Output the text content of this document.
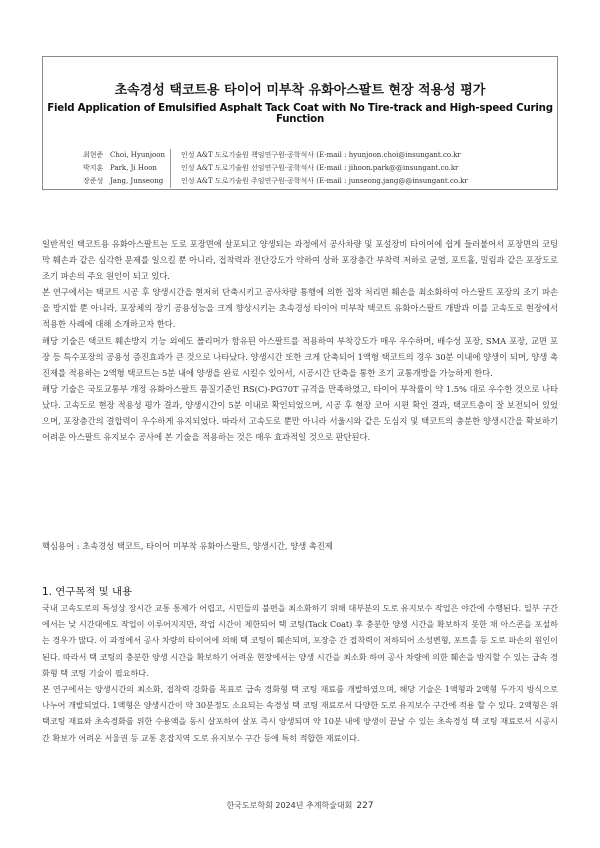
초속경성 택코트용 타이어 미부착 유화아스팔트 현장 적용성 평가
Field Application of Emulsified Asphalt Tack Coat with No Tire-track and High-speed Curing Function
최현준 Choi, Hyunjoon	인성 A&T 도로기술원 책임연구원·공학석사 (E-mail : hyunjoon.choi@insungant.co.kr
박지훈 Park, Ji Hoon	인성 A&T 도로기술원 선임연구원·공학석사 (E-mail : jihoon.park@@insungant.co.kr
장준성 Jang, Junseong	인성 A&T 도로기술원 주임연구원·공학석사 (E-mail : junseong.jang@@insungant.co.kr

일반적인 택코트용 유화아스팔트는 도로 포장면에 살포되고 양생되는 과정에서 공사차량 및 포설장비 타이어에 쉽게 들러붙어서 포장면의 코팅막 훼손과 같은 심각한 문제를 일으킬 뿐 아니라, 접착력과 전단강도가 약하여 상하 포장층간 부착력 저하로 균열, 포트홀, 밀림과 같은 포장도로 조기 파손의 주요 원인이 되고 있다.

본 연구에서는 택코트 시공 후 양생시간을 현저히 단축시키고 공사차량 통행에 의한 접착 처리면 훼손을 최소화하여 아스팔트 포장의 조기 파손을 방지할 뿐 아니라, 포장체의 장기 공용성능을 크게 향상시키는 초속경성 타이어 미부착 택코트 유화아스팔트 개발과 이를 고속도로 현장에서 적용한 사례에 대해 소개하고자 한다.

해당 기술은 택코트 훼손방지 기능 외에도 폴리머가 함유된 아스팔트를 적용하여 부착강도가 매우 우수하며, 배수성 포장, SMA 포장, 교면 포장 등 특수포장의 공용성 증진효과가 큰 것으로 나타났다. 양생시간 또한 크게 단축되어 1액형 택코트의 경우 30분 이내에 양생이 되며, 양생 촉진제를 적용하는 2액형 택코트는 5분 내에 양생을 완료 시킬수 있어서, 시공시간 단축을 통한 조기 교통개방을 가능하게 한다.

해당 기술은 국토교통부 개정 유화아스팔트 품질기준인 RS(C)-PG70T 규격을 만족하였고, 타이어 부착률이 약 1.5% 대로 우수한 것으로 나타났다. 고속도로 현장 적용성 평가 결과, 양생시간이 5분 이내로 확인되었으며, 시공 후 현장 코어 시편 확인 결과, 택코트층이 잘 보전되어 있었으며, 포장층간의 결합력이 우수하게 유지되었다. 따라서 고속도로 뿐만 아니라 서울시와 같은 도심지 및 택코트의 충분한 양생시간을 확보하기 어려운 아스팔트 유지보수 공사에 본 기술을 적용하는 것은 매우 효과적일 것으로 판단된다.

핵심용어 : 초속경성 택코트, 타이어 미부착 유화아스팔트, 양생시간, 양생 촉진제
1. 연구목적 및 내용

국내 고속도로의 특성상 장시간 교통 통제가 어렵고, 시민들의 불편을 최소화하기 위해 대부분의 도로 유지보수 작업은 야간에 수행된다. 일부 구간에서는 낮 시간대에도 작업이 이루어지지만, 작업 시간이 제한되어 택 코팅(Tack Coat) 후 충분한 양생 시간을 확보하지 못한 채 아스콘을 포설하는 경우가 많다. 이 과정에서 공사 차량의 타이어에 의해 택 코팅이 훼손되며, 포장층 간 접착력이 저하되어 소성변형, 포트홀 등 도로 파손의 원인이 된다. 따라서 택 코팅의 충분한 양생 시간을 확보하기 어려운 현장에서는 양생 시간을 최소화 하여 공사 차량에 의한 훼손을 방지할 수 있는 급속 경화형 택 코팅 기술이 필요하다.

본 연구에서는 양생시간의 최소화, 접착력 강화를 목표로 급속 경화형 택 코팅 재료를 개발하였으며, 해당 기술은 1액형과 2액형 두가지 방식으로 나누어 개발되었다. 1액형은 양생시간이 약 30분정도 소요되는 속경성 택 코팅 재료로서 다양한 도로 유지보수 구간에 적용 할 수 있다. 2액형은 위 택코팅 재료와 초속경화를 위한 수용액을 동시 살포하여 살포 즉시 양생되며 약 10분 내에 양생이 끝날 수 있는 초속경성 택 코팅 재료로서 시공시간 확보가 어려운 서울권 등 교통 혼잡지역 도로 유지보수 구간 등에 특히 적합한 재료이다.

한국도로학회 2024년 추계학술대회 227
